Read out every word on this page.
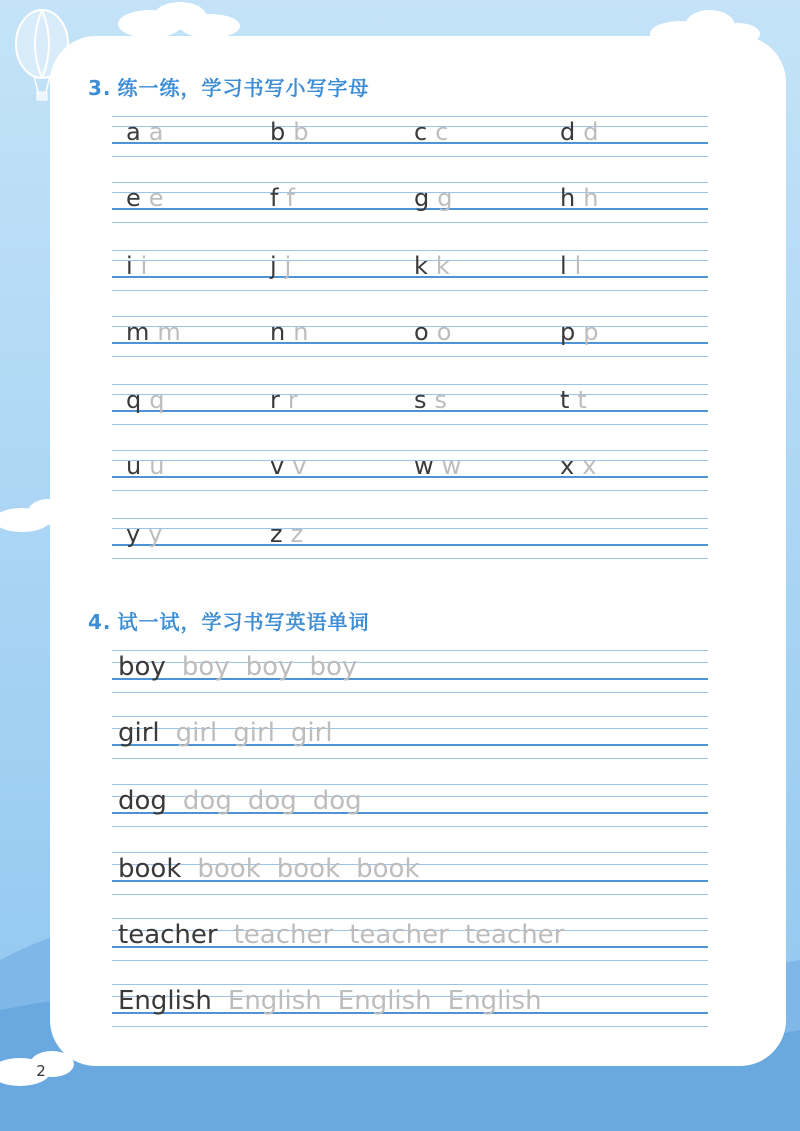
3. 练一练，学习书写小写字母
a a	b b	c c	d d
e e	f f	g g	h h
i i	j j	k k	l l
m m	n n	o o	p p
q q	r r	s s	t t
u u	v v	w w	x x
y y	z z
4. 试一试，学习书写英语单词
boy boy boy boy
girl girl girl girl
dog dog dog dog
book book book book
teacher teacher teacher teacher
English English English English
2
